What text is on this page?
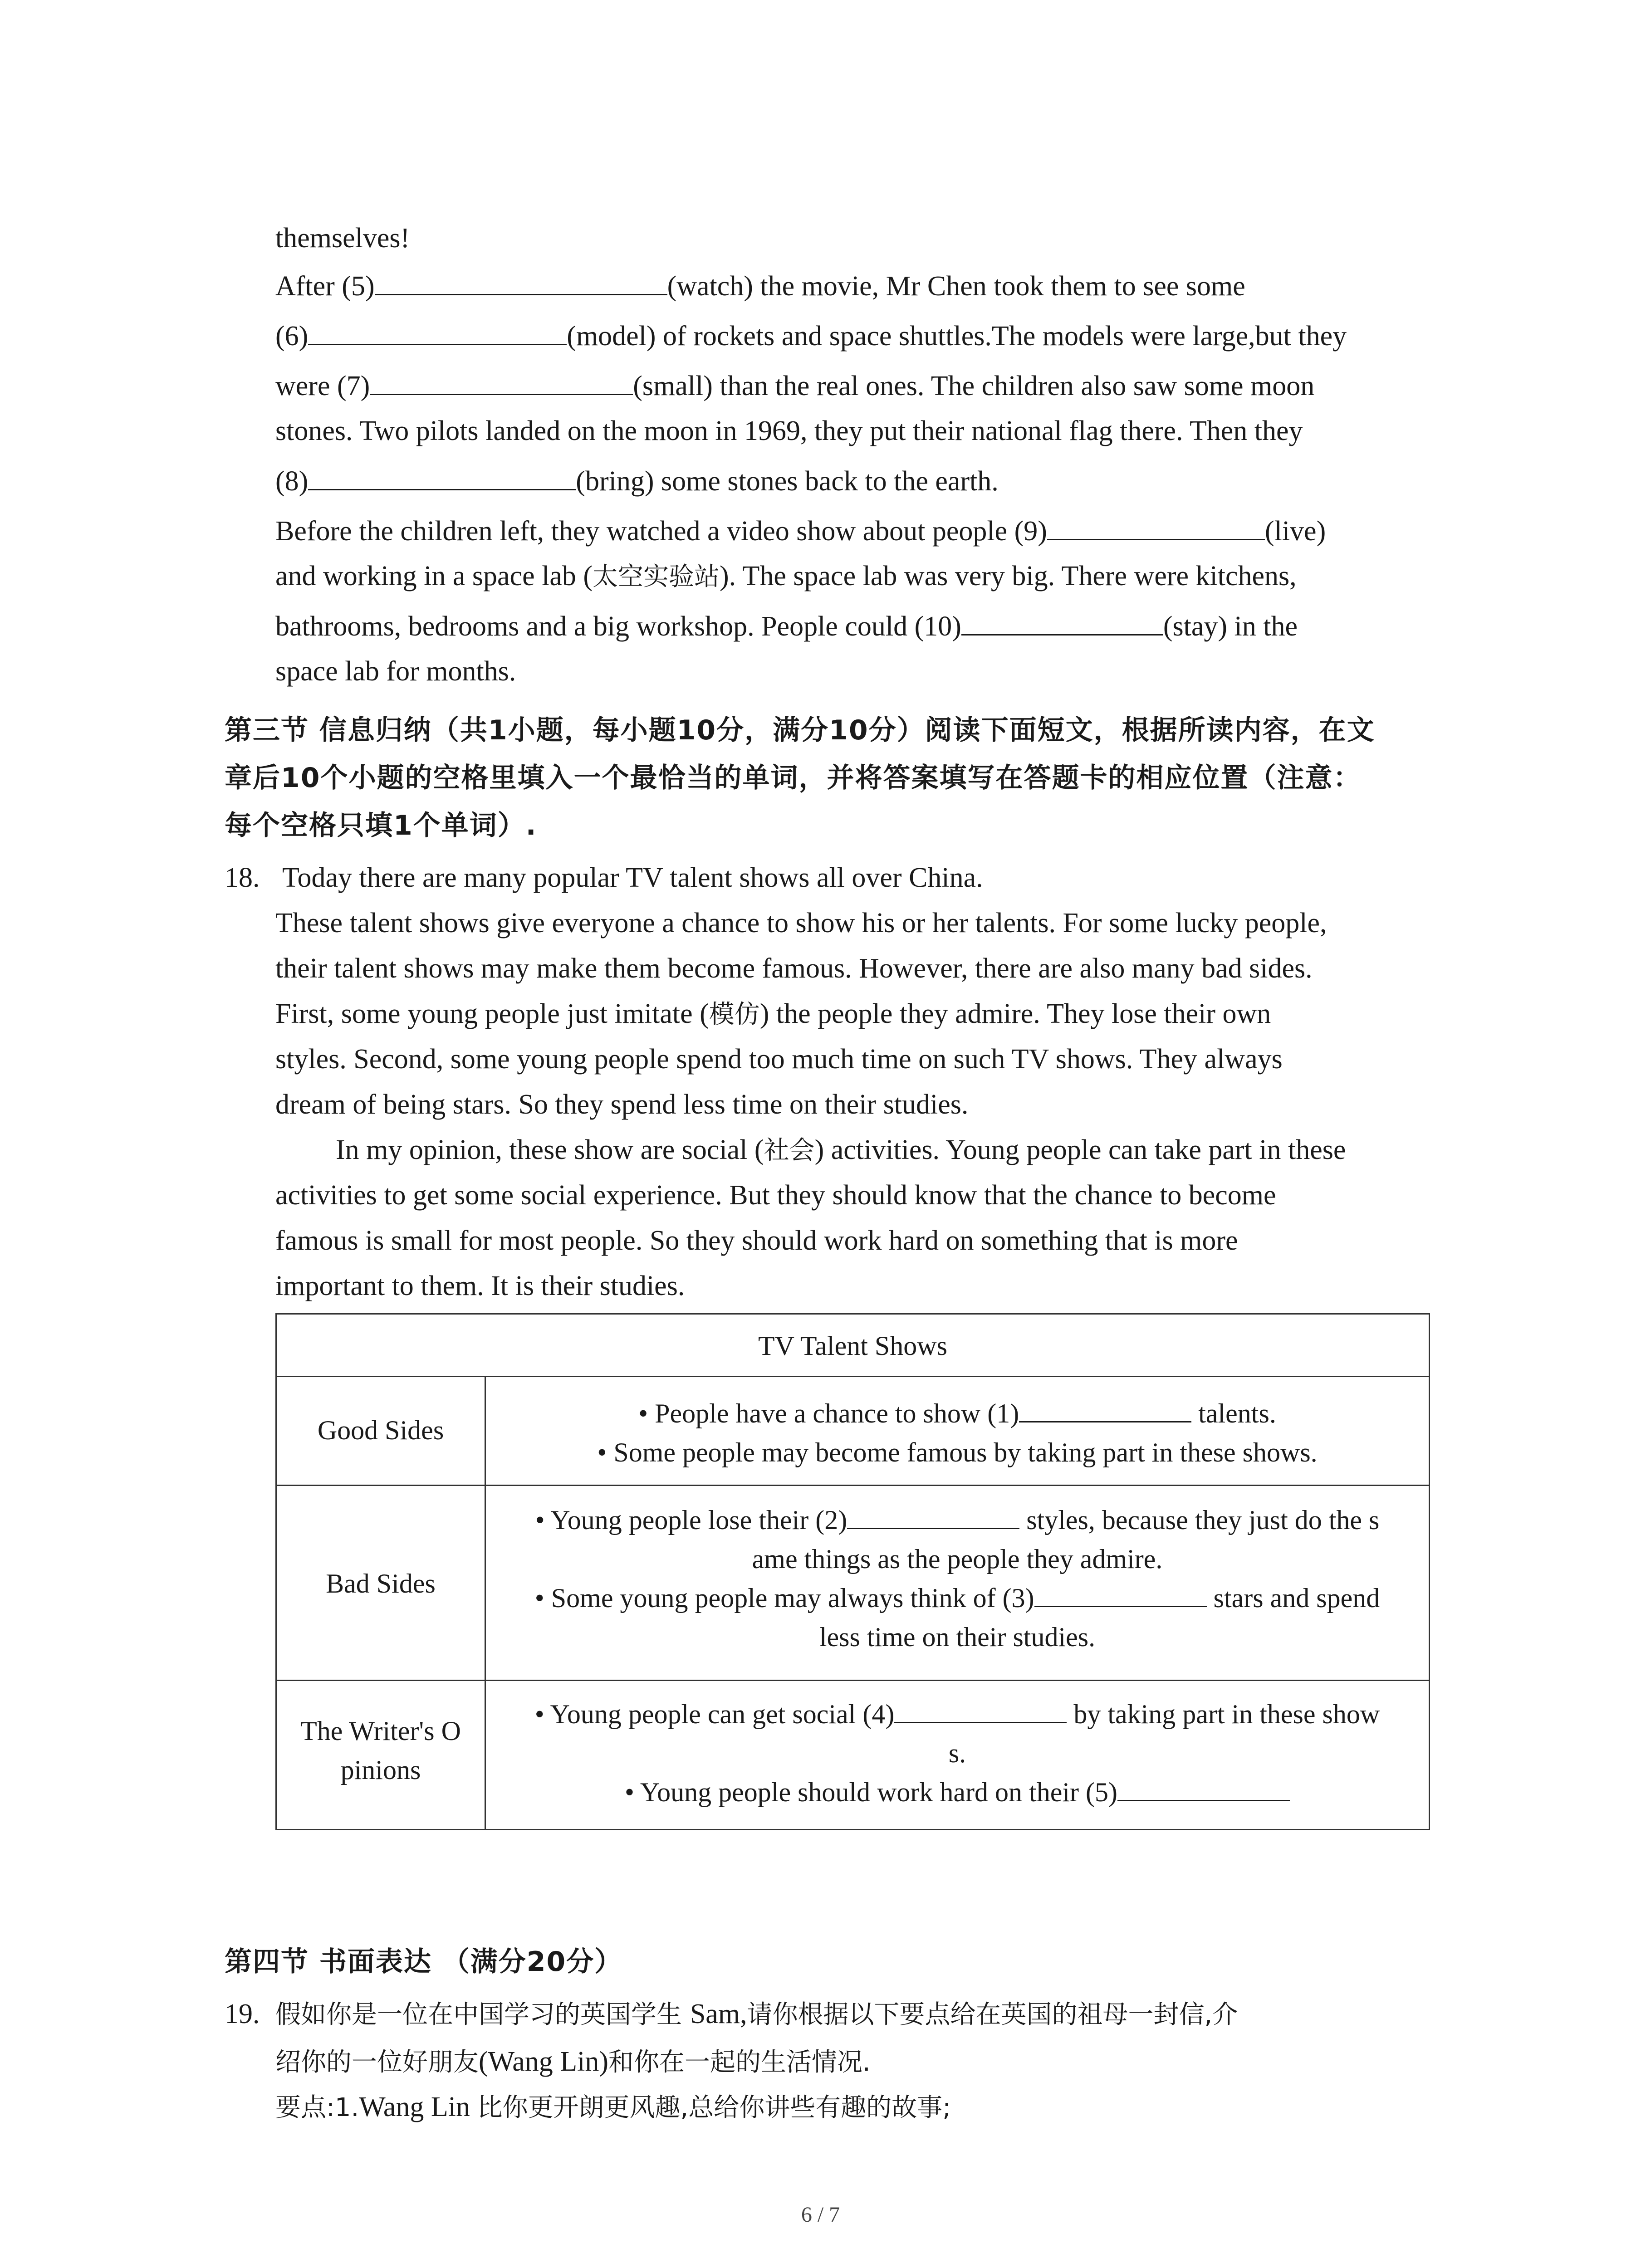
themselves!
After (5)	(watch) the movie, Mr Chen took them to see some
(6)	(model) of rockets and space shuttles.The models were large,but they
were (7)	(small) than the real ones. The children also saw some moon
stones. Two pilots landed on the moon in 1969, they put their national flag there. Then they
(8)	(bring) some stones back to the earth.
Before the children left, they watched a video show about people (9)	(live)
and working in a space lab (太空实验站). The space lab was very big. There were kitchens,
bathrooms, bedrooms and a big workshop. People could (10)	(stay) in the
space lab for months.
第三节 信息归纳（共1小题，每小题10分，满分10分）阅读下面短文，根据所读内容，在文
章后10个小题的空格里填入一个最恰当的单词，并将答案填写在答题卡的相应位置（注意：
每个空格只填1个单词）.
18. Today there are many popular TV talent shows all over China.
These talent shows give everyone a chance to show his or her talents. For some lucky people,
their talent shows may make them become famous. However, there are also many bad sides.
First, some young people just imitate (模仿) the people they admire. They lose their own
styles. Second, some young people spend too much time on such TV shows. They always
dream of being stars. So they spend less time on their studies.
In my opinion, these show are social (社会) activities. Young people can take part in these
activities to get some social experience. But they should know that the chance to become
famous is small for most people. So they should work hard on something that is more
important to them. It is their studies.
TV Talent Shows
Good Sides
• People have a chance to show (1)	talents.
• Some people may become famous by taking part in these shows.
Bad Sides
• Young people lose their (2)	styles, because they just do the s
ame things as the people they admire.
• Some young people may always think of (3)	stars and spend
less time on their studies.
The Writer's O
pinions
• Young people can get social (4)	by taking part in these show
s.
• Young people should work hard on their (5)
第四节 书面表达 （满分20分）
19. 假如你是一位在中国学习的英国学生 Sam,请你根据以下要点给在英国的祖母一封信,介
绍你的一位好朋友(Wang Lin)和你在一起的生活情况.
要点:1.Wang Lin 比你更开朗更风趣,总给你讲些有趣的故事;
6 / 7
